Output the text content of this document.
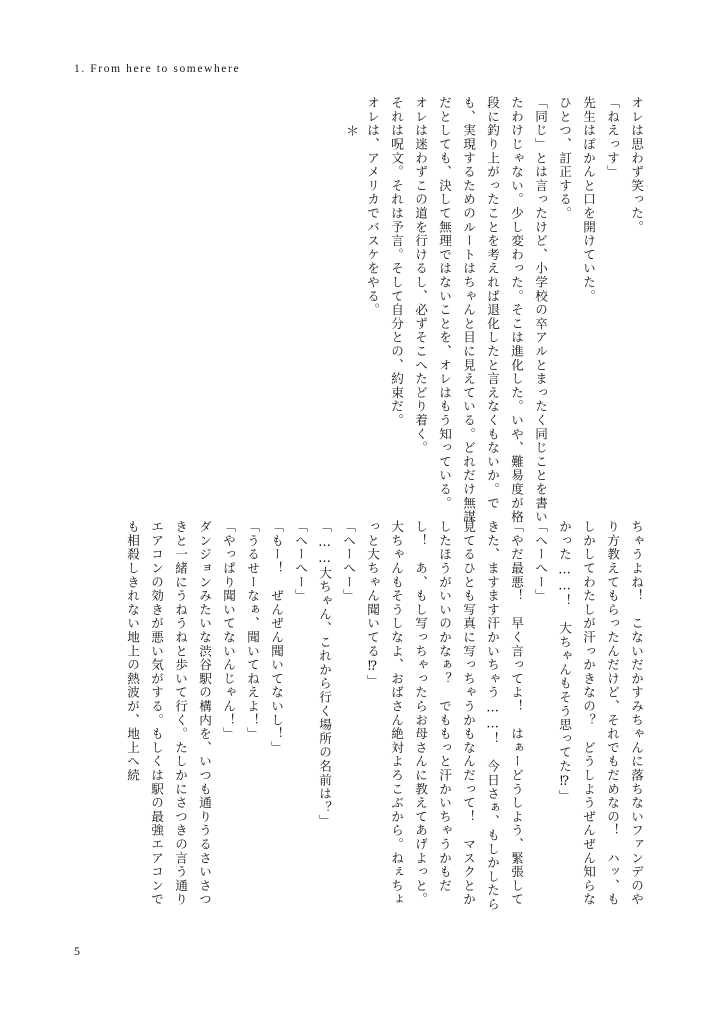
1. From here to somewhere
＊ オレは、アメリカでバスケをやる。 それは呪文。それは予言。そして自分との、約束だ。 オレは迷わずこの道を行けるし、必ずそこへたどり着く。	「同じ」とは言ったけど、小学校の卒アルとまったく同じことを書いたわけじゃない。少し変わった。そこは進化した。いや、難易度が格段に釣り上がったことを考えれば退化したと言えなくもないか。でも、実現するためのルートはちゃんと目に見えている。どれだけ無謀だとしても、決して無理ではないことを、オレはもう知っている。	ひとつ、訂正する。 先生はぽかんと口を開けていた。 「ねえっす」 オレは思わず笑った。
ダンジョンみたいな渋谷駅の構内を、いつも通りうるさいさつきと一緒にうねうねと歩いて行く。たしかにさつきの言う通りエアコンの効きが悪い気がする。もしくは駅の最強エアコンでも相殺しきれない地上の熱波が、地上へ続	「やっぱり聞いてないんじゃん！」 「うるせーなぁ、聞いてねえよ！」 「もー！　ぜんぜん聞いてないし！」 「へーへー」 「……大ちゃん、これから行く場所の名前は？」 「へーへー」	「やだ最悪！　早く言ってよ！　はぁーどうしよう、緊張してきた、ますます汗かいちゃう……！　今日さぁ、もしかしたら見てるひとも写真に写っちゃうかもなんだって！　マスクとかしたほうがいいのかなぁ？　でももっと汗かいちゃうかもだし！　あ、もし写っちゃったらお母さんに教えてあげよっと。大ちゃんもそうしなよ、おばさん絶対よろこぶから。ねぇちょっと大ちゃん聞いてる⁉」	「へーへー」	ちゃうよね！　こないだかすみちゃんに落ちないファンデのやり方教えてもらったんだけど、それでもだめなの！　ハッ、もしかしてわたしが汗っかきなの？　どうしようぜんぜん知らなかった……！　大ちゃんもそう思ってた⁉」
5
